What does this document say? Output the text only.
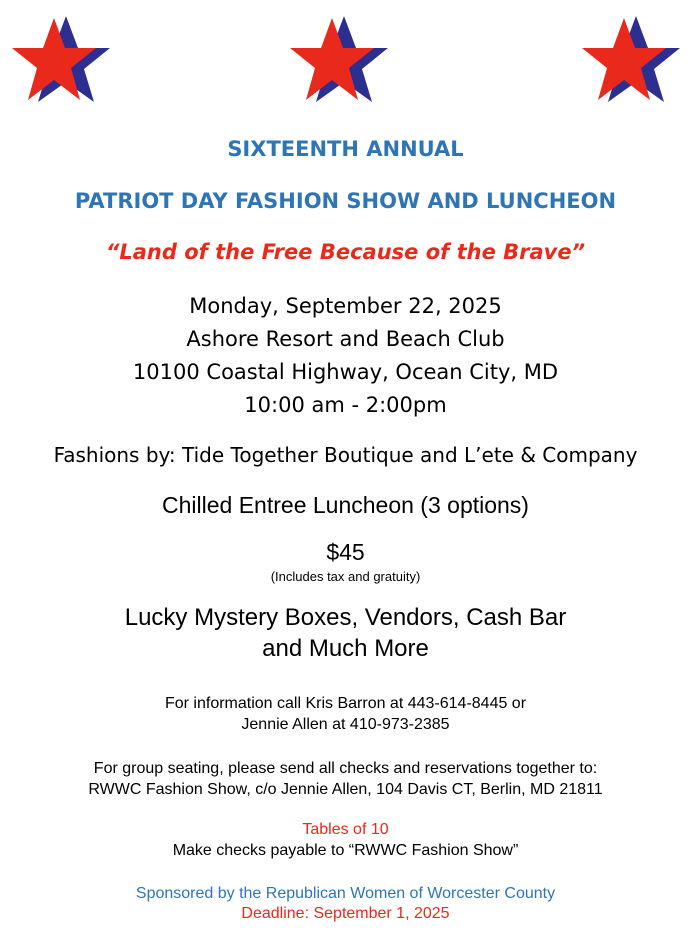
SIXTEENTH ANNUAL
PATRIOT DAY FASHION SHOW AND LUNCHEON
“Land of the Free Because of the Brave”
Monday, September 22, 2025
Ashore Resort and Beach Club
10100 Coastal Highway, Ocean City, MD
10:00 am - 2:00pm
Fashions by: Tide Together Boutique and L’ete & Company
Chilled Entree Luncheon (3 options)
$45
(Includes tax and gratuity)
Lucky Mystery Boxes, Vendors, Cash Bar
and Much More
For information call Kris Barron at 443-614-8445 or
Jennie Allen at 410-973-2385
For group seating, please send all checks and reservations together to:
RWWC Fashion Show, c/o Jennie Allen, 104 Davis CT, Berlin, MD 21811
Tables of 10
Make checks payable to “RWWC Fashion Show”
Sponsored by the Republican Women of Worcester County
Deadline: September 1, 2025
